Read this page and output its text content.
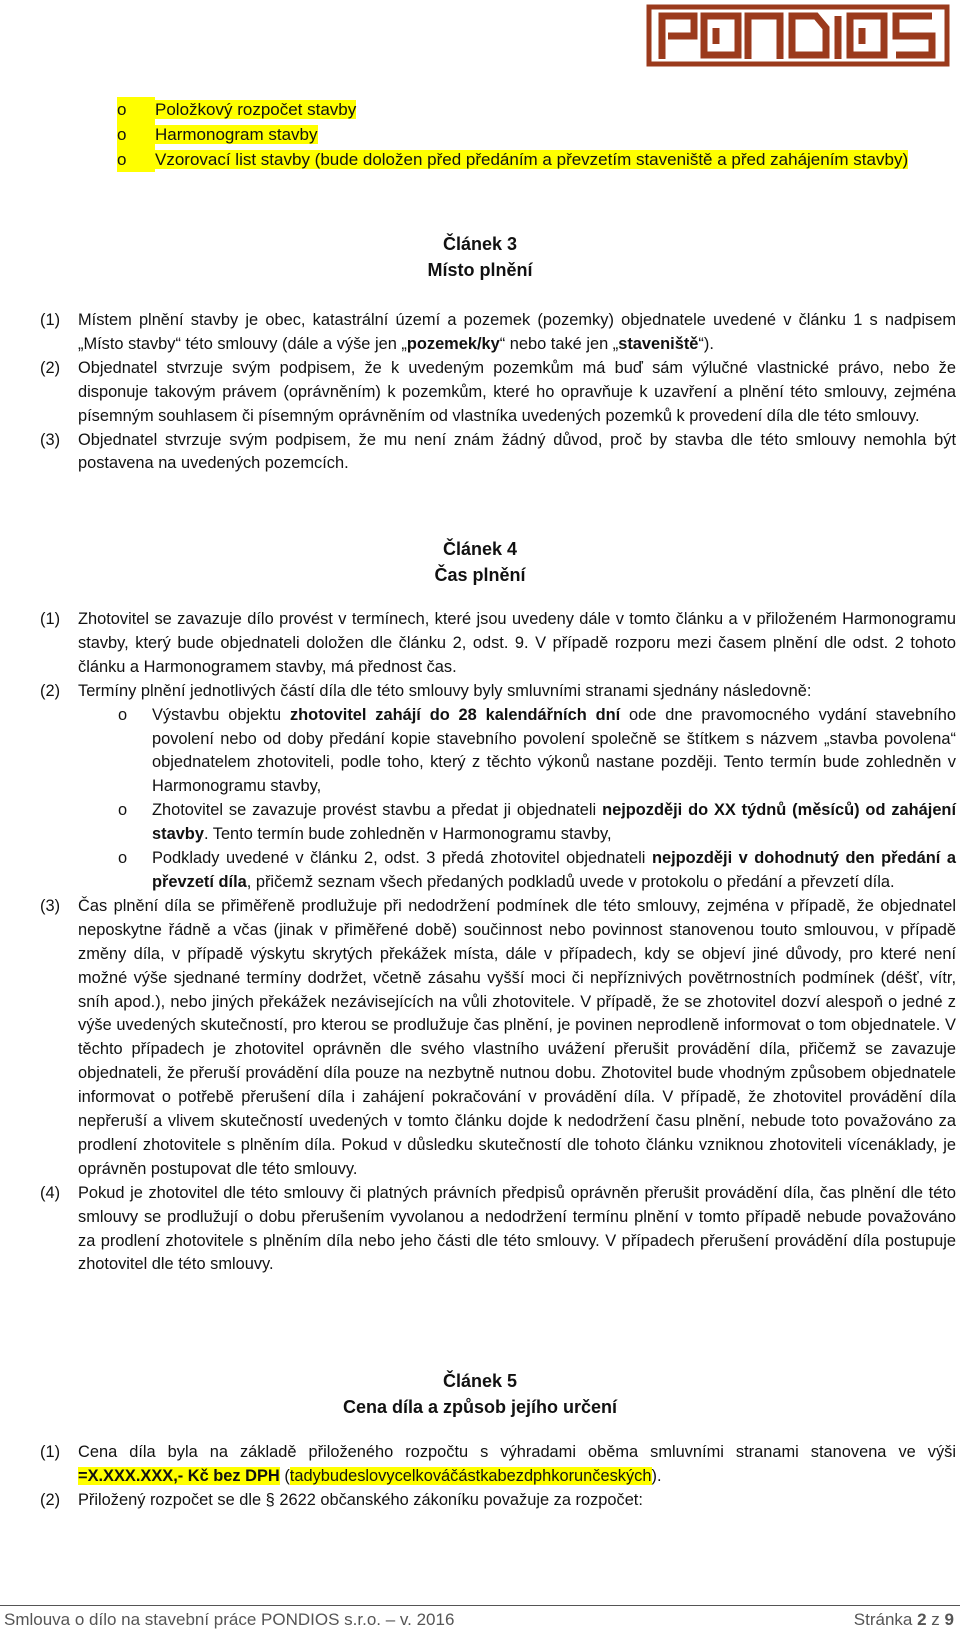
o	Položkový rozpočet stavby
o	Harmonogram stavby
o	Vzorovací list stavby (bude doložen před předáním a převzetím staveniště a před zahájením stavby)
Článek 3
Místo plnění
(1)	Místem plnění stavby je obec, katastrální území a pozemek (pozemky) objednatele uvedené v článku 1 s nadpisem „Místo stavby“ této smlouvy (dále a výše jen „pozemek/ky“ nebo také jen „staveniště“).
(2)	Objednatel stvrzuje svým podpisem, že k uvedeným pozemkům má buď sám výlučné vlastnické právo, nebo že disponuje takovým právem (oprávněním) k pozemkům, které ho opravňuje k uzavření a plnění této smlouvy, zejména písemným souhlasem či písemným oprávněním od vlastníka uvedených pozemků k provedení díla dle této smlouvy.
(3)	Objednatel stvrzuje svým podpisem, že mu není znám žádný důvod, proč by stavba dle této smlouvy nemohla být postavena na uvedených pozemcích.
Článek 4
Čas plnění
(1)	Zhotovitel se zavazuje dílo provést v termínech, které jsou uvedeny dále v tomto článku a v přiloženém Harmonogramu stavby, který bude objednateli doložen dle článku 2, odst. 9. V případě rozporu mezi časem plnění dle odst. 2 tohoto článku a Harmonogramem stavby, má přednost čas.
(2)	Termíny plnění jednotlivých částí díla dle této smlouvy byly smluvními stranami sjednány následovně:
o	Výstavbu objektu zhotovitel zahájí do 28 kalendářních dní ode dne pravomocného vydání stavebního povolení nebo od doby předání kopie stavebního povolení společně se štítkem s názvem „stavba povolena“ objednatelem zhotoviteli, podle toho, který z těchto výkonů nastane později. Tento termín bude zohledněn v Harmonogramu stavby,
o	Zhotovitel se zavazuje provést stavbu a předat ji objednateli nejpozději do XX týdnů (měsíců) od zahájení stavby. Tento termín bude zohledněn v Harmonogramu stavby,
o	Podklady uvedené v článku 2, odst. 3 předá zhotovitel objednateli nejpozději v dohodnutý den předání a převzetí díla, přičemž seznam všech předaných podkladů uvede v protokolu o předání a převzetí díla.
(3)	Čas plnění díla se přiměřeně prodlužuje při nedodržení podmínek dle této smlouvy, zejména v případě, že objednatel neposkytne řádně a včas (jinak v přiměřené době) součinnost nebo povinnost stanovenou touto smlouvou, v případě změny díla, v případě výskytu skrytých překážek místa, dále v případech, kdy se objeví jiné důvody, pro které není možné výše sjednané termíny dodržet, včetně zásahu vyšší moci či nepříznivých povětrnostních podmínek (déšť, vítr, sníh apod.), nebo jiných překážek nezávisejících na vůli zhotovitele. V případě, že se zhotovitel dozví alespoň o jedné z výše uvedených skutečností, pro kterou se prodlužuje čas plnění, je povinen neprodleně informovat o tom objednatele. V těchto případech je zhotovitel oprávněn dle svého vlastního uvážení přerušit provádění díla, přičemž se zavazuje objednateli, že přeruší provádění díla pouze na nezbytně nutnou dobu. Zhotovitel bude vhodným způsobem objednatele informovat o potřebě přerušení díla i zahájení pokračování v provádění díla. V případě, že zhotovitel provádění díla nepřeruší a vlivem skutečností uvedených v tomto článku dojde k nedodržení času plnění, nebude toto považováno za prodlení zhotovitele s plněním díla. Pokud v důsledku skutečností dle tohoto článku vzniknou zhotoviteli vícenáklady, je oprávněn postupovat dle této smlouvy.
(4)	Pokud je zhotovitel dle této smlouvy či platných právních předpisů oprávněn přerušit provádění díla, čas plnění dle této smlouvy se prodlužují o dobu přerušením vyvolanou a nedodržení termínu plnění v tomto případě nebude považováno za prodlení zhotovitele s plněním díla nebo jeho části dle této smlouvy. V případech přerušení provádění díla postupuje zhotovitel dle této smlouvy.
Článek 5
Cena díla a způsob jejího určení
(1)	Cena díla byla na základě přiloženého rozpočtu s výhradami oběma smluvními stranami stanovena ve výši =X.XXX.XXX,- Kč bez DPH (tadybudeslovycelkováčástkabezdphkorunčeských).
(2)	Přiložený rozpočet se dle § 2622 občanského zákoníku považuje za rozpočet:
Smlouva o dílo na stavební práce PONDIOS s.r.o. – v. 2016	Stránka 2 z 9
